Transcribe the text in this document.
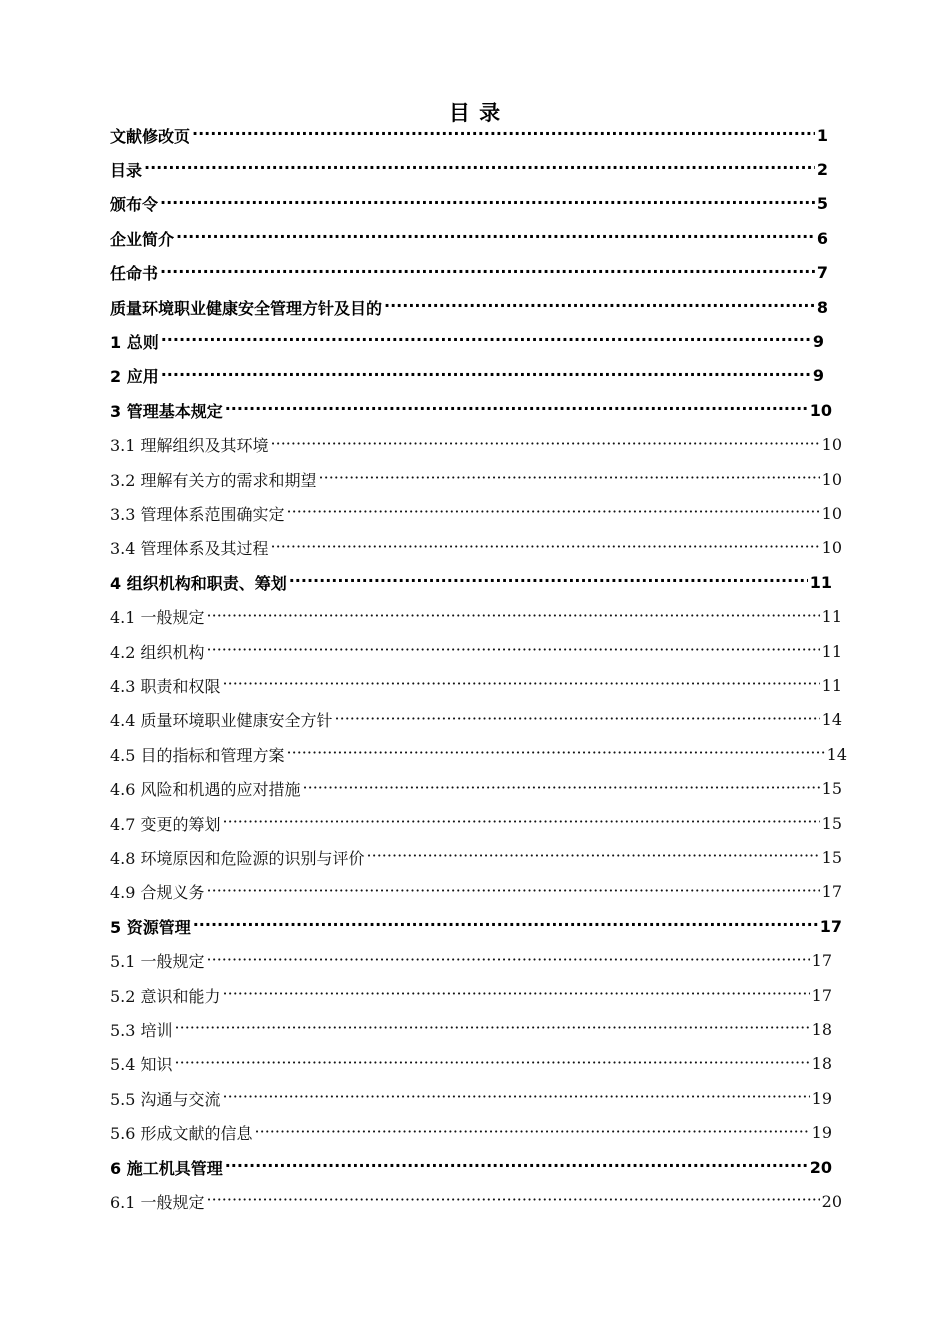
目 录
文献修改页 ·····	1
目录 ·····	2
颁布令 ·····	5
企业简介 ·····	6
任命书 ·····	7
质量环境职业健康安全管理方针及目的 ·····	8
1 总则 ·····	9
2 应用 ·····	9
3 管理基本规定 ·····	10
3.1 理解组织及其环境 ·····	10
3.2 理解有关方的需求和期望 ·····	10
3.3 管理体系范围确实定 ·····	10
3.4 管理体系及其过程 ·····	10
4 组织机构和职责、筹划 ·····	11
4.1 一般规定 ·····	11
4.2 组织机构 ·····	11
4.3 职责和权限 ·····	11
4.4 质量环境职业健康安全方针 ·····	14
4.5 目的指标和管理方案 ·····	14
4.6 风险和机遇的应对措施 ·····	15
4.7 变更的筹划 ·····	15
4.8 环境原因和危险源的识别与评价 ·····	15
4.9 合规义务 ·····	17
5 资源管理 ·····	17
5.1 一般规定 ·····	17
5.2 意识和能力 ·····	17
5.3 培训 ·····	18
5.4 知识 ·····	18
5.5 沟通与交流 ·····	19
5.6 形成文献的信息 ·····	19
6 施工机具管理 ·····	20
6.1 一般规定 ·····	20
